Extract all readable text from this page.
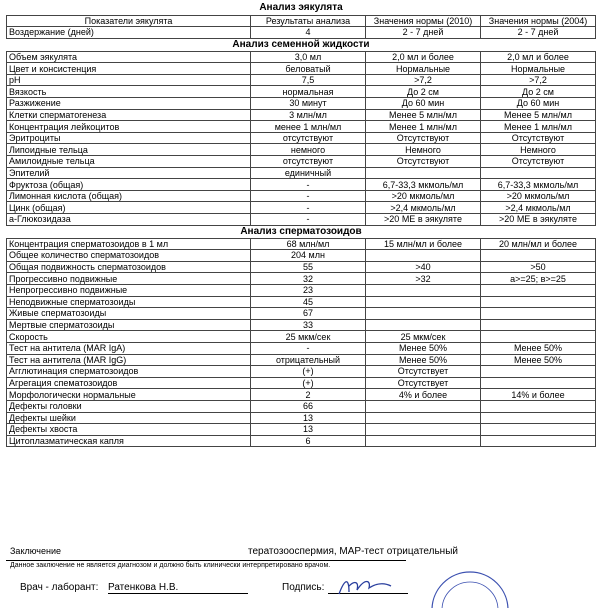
Анализ эякулята			
Показатели эякулята	Результаты анализа	Значения нормы (2010)	Значения нормы (2004)
Воздержание (дней)	4	2 - 7 дней	2 - 7 дней
Анализ семенной жидкости			
Объем эякулята	3,0 мл	2,0 мл и более	2,0 мл и более
Цвет и консистенция	беловатый	Нормальные	Нормальные
pH	7,5	>7,2	>7,2
Вязкость	нормальная	До 2 см	До 2 см
Разжижение	30 минут	До 60 мин	До 60 мин
Клетки сперматогенеза	3 млн/мл	Менее 5 млн/мл	Менее 5 млн/мл
Концентрация лейкоцитов	менее 1 млн/мл	Менее 1 млн/мл	Менее 1 млн/мл
Эритроциты	отсутствуют	Отсутствуют	Отсутствуют
Липоидные тельца	немного	Немного	Немного
Амилоидные тельца	отсутствуют	Отсутствуют	Отсутствуют
Эпителий	единичный		
Фруктоза (общая)	-	6,7-33,3 мкмоль/мл	6,7-33,3 мкмоль/мл
Лимонная кислота (общая)	-	>20 мкмоль/мл	>20 мкмоль/мл
Цинк (общая)	-	>2,4 мкмоль/мл	>2,4 мкмоль/мл
а-Глюкозидаза	-	>20 МЕ в эякуляте	>20 МЕ в эякуляте
Анализ сперматозоидов			
Концентрация сперматозоидов в 1 мл	68 млн/мл	15 млн/мл и более	20 млн/мл и более
Общее количество сперматозоидов	204 млн		
Общая подвижность сперматозоидов	55	>40	>50
Прогрессивно подвижные	32	>32	a>=25; в>=25
Непрогрессивно подвижные	23		
Неподвижные сперматозоиды	45		
Живые сперматозоиды	67		
Мертвые сперматозоиды	33		
Скорость	25 мкм/сек	25 мкм/сек	
Тест на антитела (MAR IgA)	-	Менее 50%	Менее 50%
Тест на антитела (MAR IgG)	отрицательный	Менее 50%	Менее 50%
Агглютинация сперматозоидов	(+)	Отсутствует	
Агрегация спематозоидов	(+)	Отсутствует	
Морфологически нормальные	2	4% и более	14% и более
Дефекты головки	66		
Дефекты шейки	13		
Дефекты хвоста	13		
Цитоплазматическая капля	6		
Заключение	тератозооспермия, MAP-тест отрицательный
Данное заключение не является диагнозом и должно быть клинически интерпретировано врачом.
Врач - лаборант: Ратенкова Н.В.	Подпись:
